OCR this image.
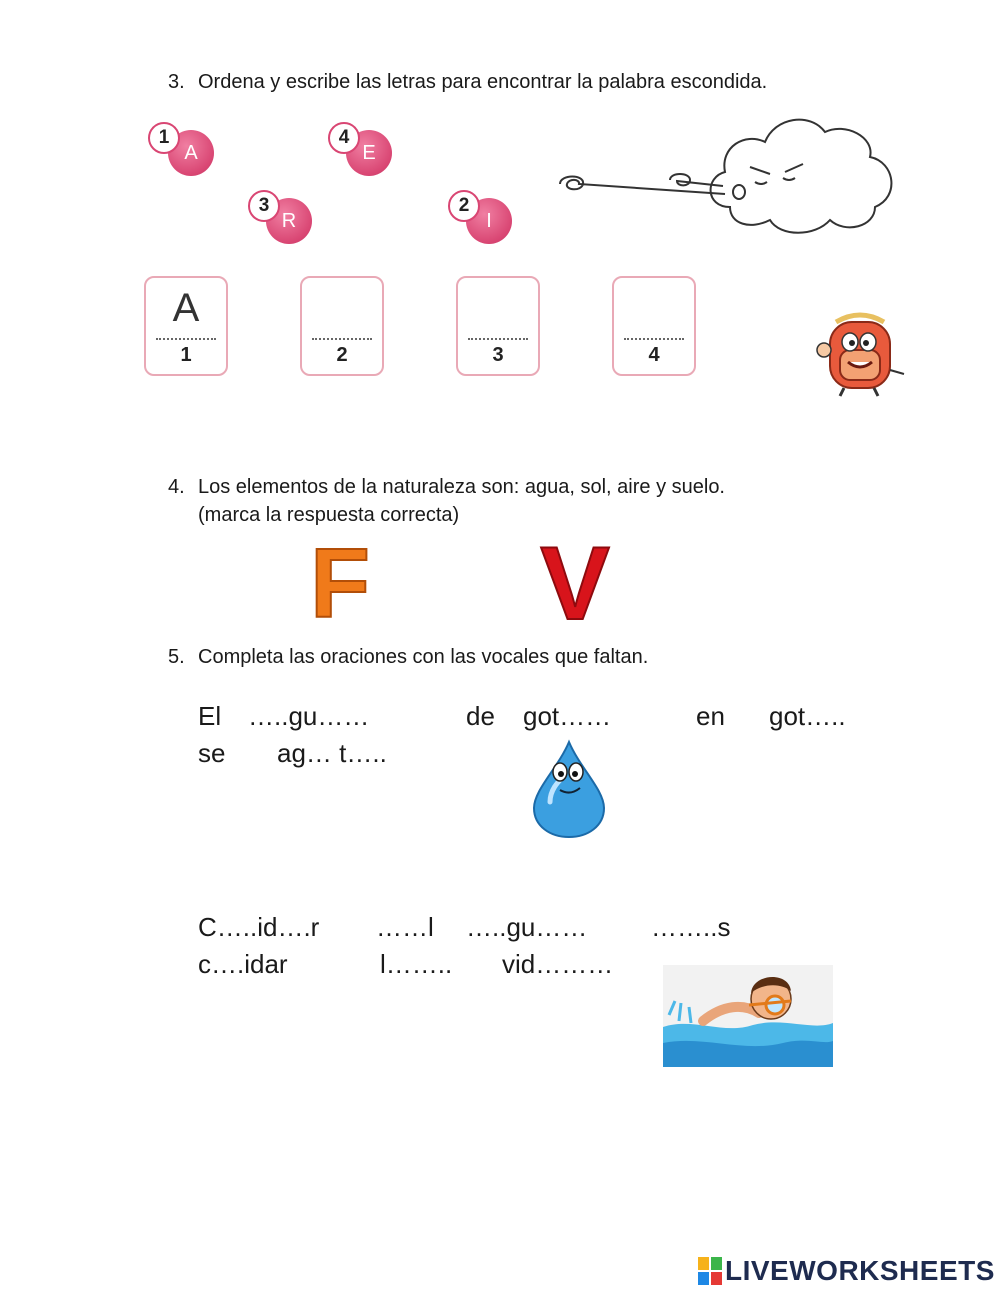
3. Ordena y escribe las letras para encontrar la palabra escondida.
A
1
E
4
R
3
I
2
A
1	2	3	4
4. Los elementos de la naturaleza son: agua, sol, aire y suelo.
(marca la respuesta correcta)
F V
5. Completa las oraciones con las vocales que faltan.
El …..gu……	de got……	en got…..
se ag… t…..
C…..id….r ……l …..gu…… ……..s
c….idar	l…….. vid………
LIVEWORKSHEETS
